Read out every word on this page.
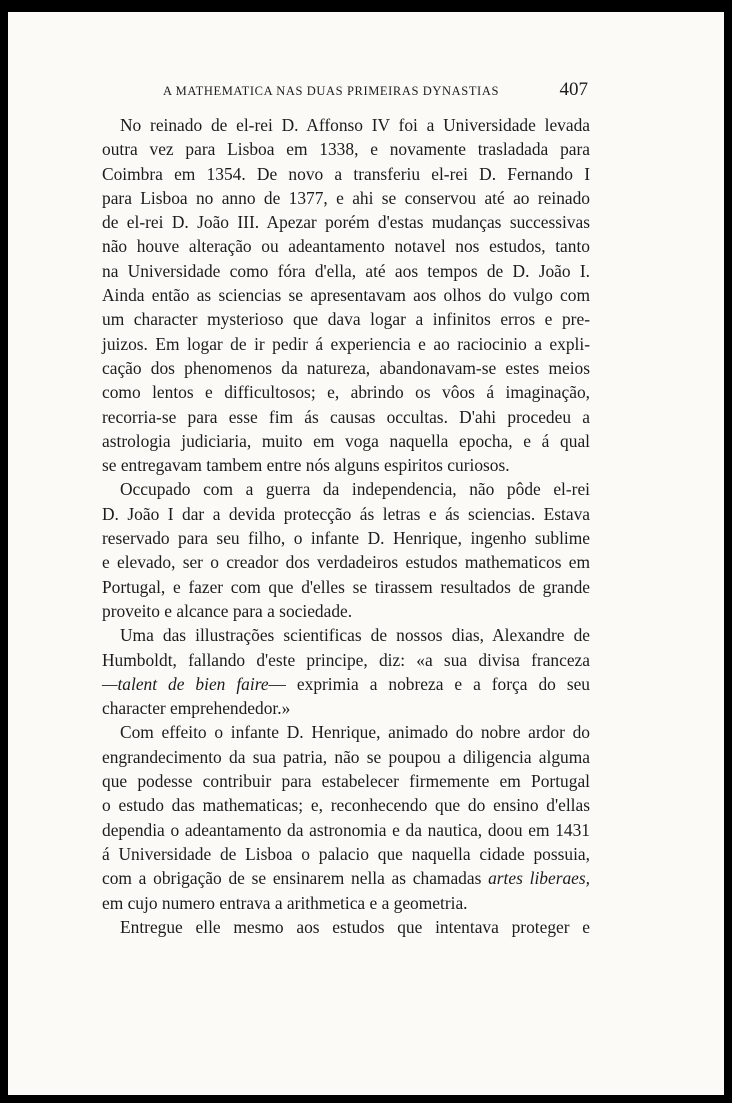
A MATHEMATICA NAS DUAS PRIMEIRAS DYNASTIAS	407

No reinado de el-rei D. Affonso IV foi a Universidade levada
outra vez para Lisboa em 1338, e novamente trasladada para
Coimbra em 1354. De novo a transferiu el-rei D. Fernando I
para Lisboa no anno de 1377, e ahi se conservou até ao reinado
de el-rei D. João III. Apezar porém d'estas mudanças successivas
não houve alteração ou adeantamento notavel nos estudos, tanto
na Universidade como fóra d'ella, até aos tempos de D. João I.
Ainda então as sciencias se apresentavam aos olhos do vulgo com
um character mysterioso que dava logar a infinitos erros e pre-
juizos. Em logar de ir pedir á experiencia e ao raciocinio a expli-
cação dos phenomenos da natureza, abandonavam-se estes meios
como lentos e difficultosos; e, abrindo os vôos á imaginação,
recorria-se para esse fim ás causas occultas. D'ahi procedeu a
astrologia judiciaria, muito em voga naquella epocha, e á qual
se entregavam tambem entre nós alguns espiritos curiosos.

Occupado com a guerra da independencia, não pôde el-rei
D. João I dar a devida protecção ás letras e ás sciencias. Estava
reservado para seu filho, o infante D. Henrique, ingenho sublime
e elevado, ser o creador dos verdadeiros estudos mathematicos em
Portugal, e fazer com que d'elles se tirassem resultados de grande
proveito e alcance para a sociedade.

Uma das illustrações scientificas de nossos dias, Alexandre de
Humboldt, fallando d'este principe, diz: «a sua divisa franceza
—talent de bien faire— exprimia a nobreza e a força do seu
character emprehendedor.»

Com effeito o infante D. Henrique, animado do nobre ardor do
engrandecimento da sua patria, não se poupou a diligencia alguma
que podesse contribuir para estabelecer firmemente em Portugal
o estudo das mathematicas; e, reconhecendo que do ensino d'ellas
dependia o adeantamento da astronomia e da nautica, doou em 1431
á Universidade de Lisboa o palacio que naquella cidade possuia,
com a obrigação de se ensinarem nella as chamadas artes liberaes,
em cujo numero entrava a arithmetica e a geometria.

Entregue elle mesmo aos estudos que intentava proteger e
